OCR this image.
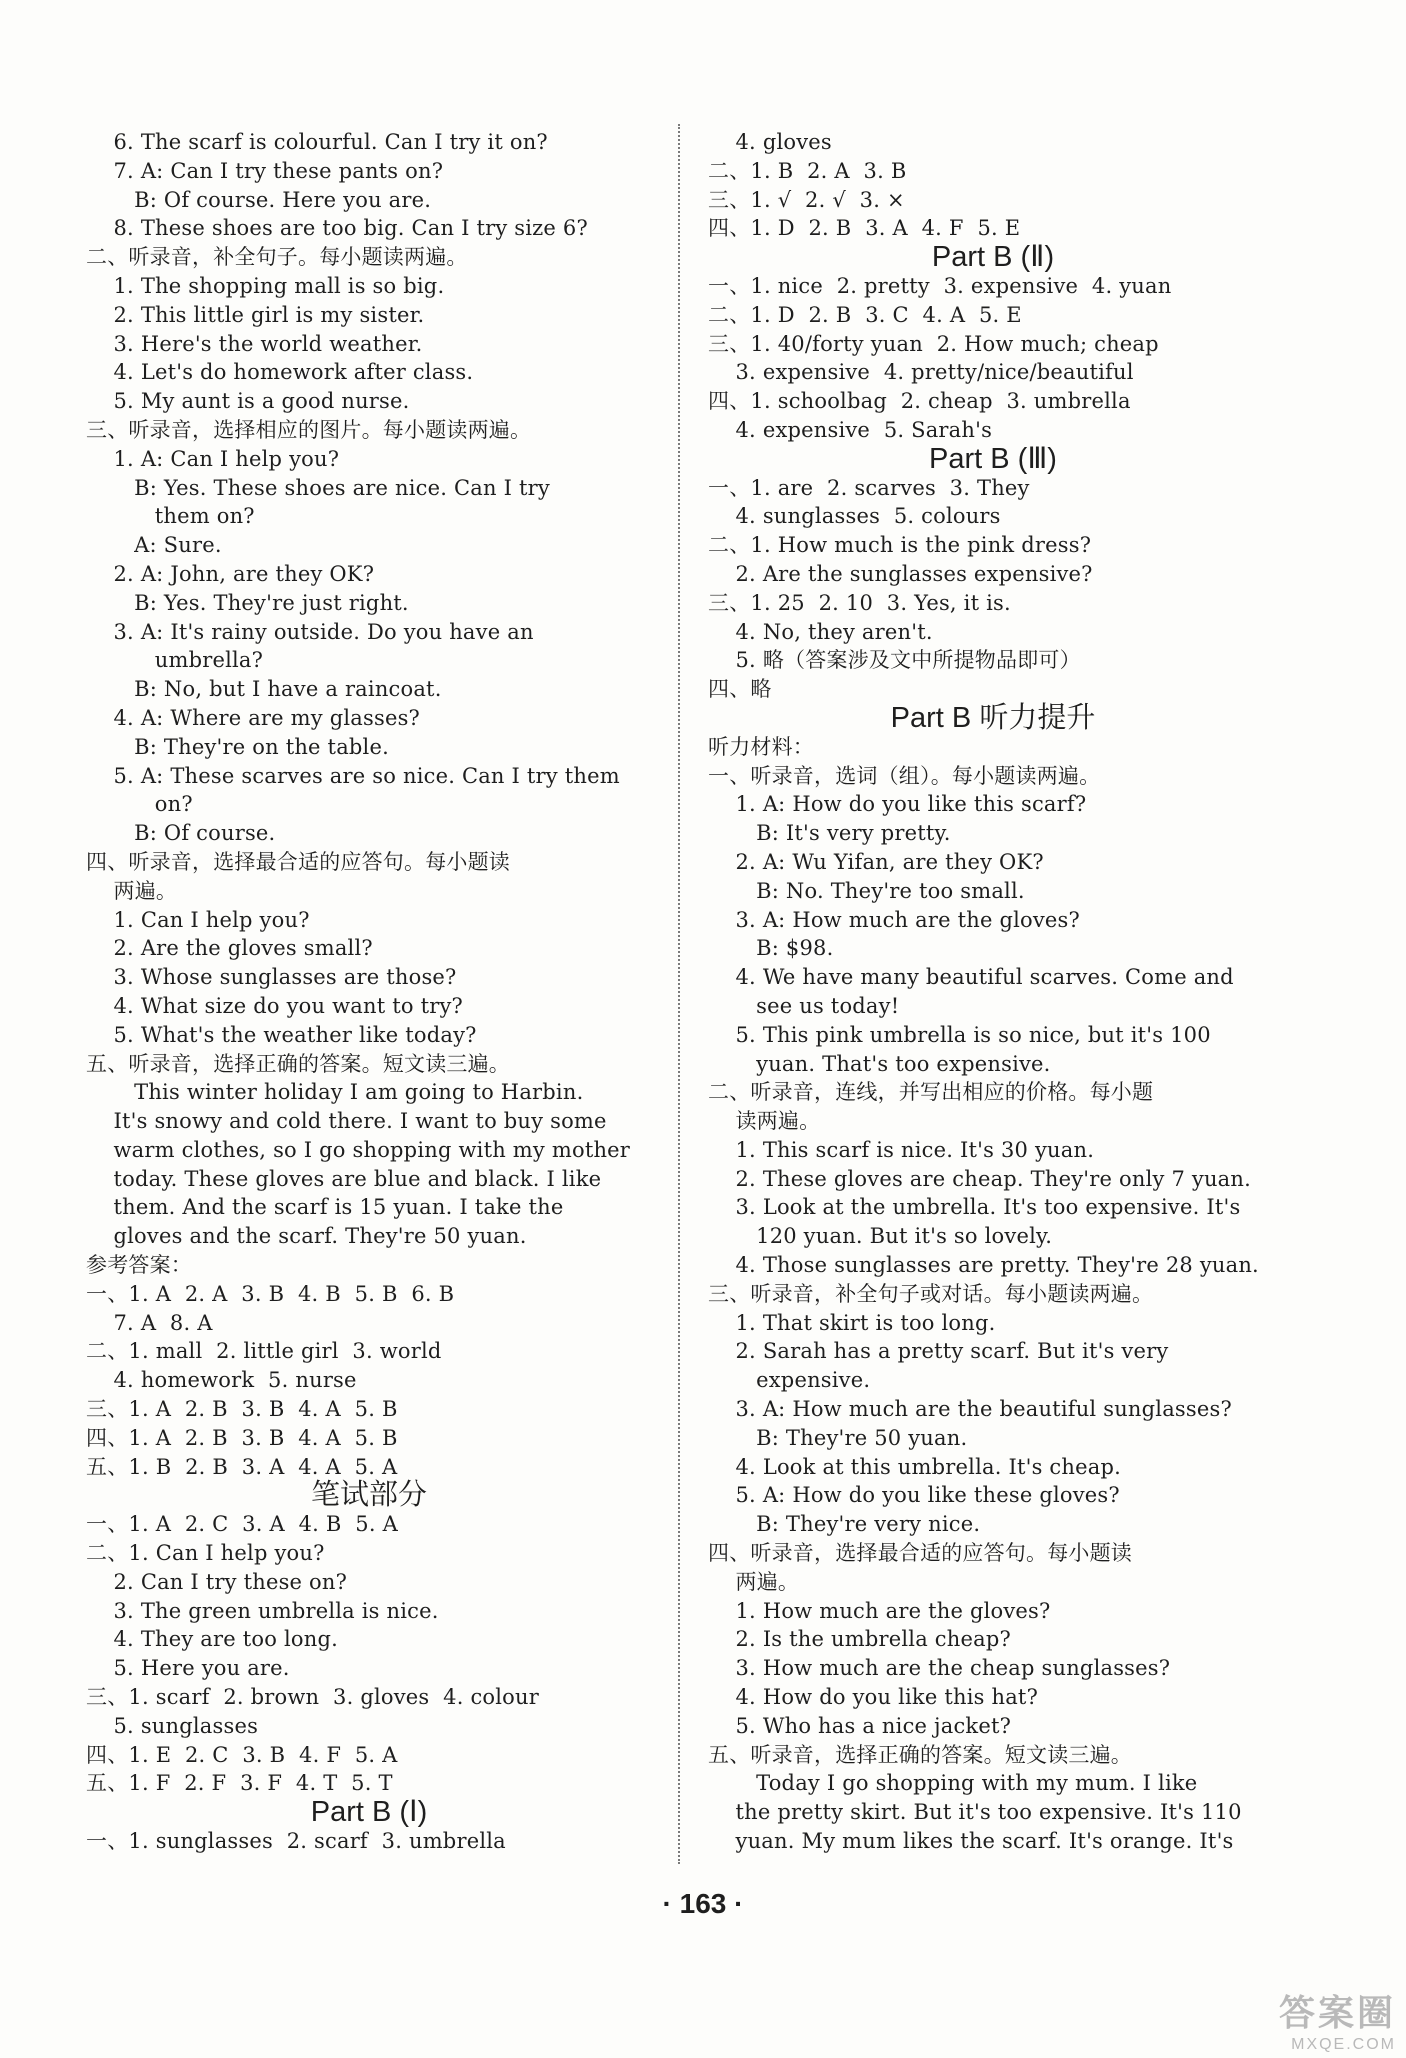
6. The scarf is colourful. Can I try it on?
7. A: Can I try these pants on?
B: Of course. Here you are.
8. These shoes are too big. Can I try size 6?
二、听录音，补全句子。每小题读两遍。
1. The shopping mall is so big.
2. This little girl is my sister.
3. Here's the world weather.
4. Let's do homework after class.
5. My aunt is a good nurse.
三、听录音，选择相应的图片。每小题读两遍。
1. A: Can I help you?
B: Yes. These shoes are nice. Can I try
them on?
A: Sure.
2. A: John, are they OK?
B: Yes. They're just right.
3. A: It's rainy outside. Do you have an
umbrella?
B: No, but I have a raincoat.
4. A: Where are my glasses?
B: They're on the table.
5. A: These scarves are so nice. Can I try them
on?
B: Of course.
四、听录音，选择最合适的应答句。每小题读
两遍。
1. Can I help you?
2. Are the gloves small?
3. Whose sunglasses are those?
4. What size do you want to try?
5. What's the weather like today?
五、听录音，选择正确的答案。短文读三遍。
This winter holiday I am going to Harbin.
It's snowy and cold there. I want to buy some
warm clothes, so I go shopping with my mother
today. These gloves are blue and black. I like
them. And the scarf is 15 yuan. I take the
gloves and the scarf. They're 50 yuan.
参考答案：
一、1. A  2. A  3. B  4. B  5. B  6. B
7. A  8. A
二、1. mall  2. little girl  3. world
4. homework  5. nurse
三、1. A  2. B  3. B  4. A  5. B
四、1. A  2. B  3. B  4. A  5. B
五、1. B  2. B  3. A  4. A  5. A
笔试部分
一、1. A  2. C  3. A  4. B  5. A
二、1. Can I help you?
2. Can I try these on?
3. The green umbrella is nice.
4. They are too long.
5. Here you are.
三、1. scarf  2. brown  3. gloves  4. colour
5. sunglasses
四、1. E  2. C  3. B  4. F  5. A
五、1. F  2. F  3. F  4. T  5. T
Part B (Ⅰ)
一、1. sunglasses  2. scarf  3. umbrella
4. gloves
二、1. B  2. A  3. B
三、1. √  2. √  3. ×
四、1. D  2. B  3. A  4. F  5. E
Part B (Ⅱ)
一、1. nice  2. pretty  3. expensive  4. yuan
二、1. D  2. B  3. C  4. A  5. E
三、1. 40/forty yuan  2. How much; cheap
3. expensive  4. pretty/nice/beautiful
四、1. schoolbag  2. cheap  3. umbrella
4. expensive  5. Sarah's
Part B (Ⅲ)
一、1. are  2. scarves  3. They
4. sunglasses  5. colours
二、1. How much is the pink dress?
2. Are the sunglasses expensive?
三、1. 25  2. 10  3. Yes, it is.
4. No, they aren't.
5. 略（答案涉及文中所提物品即可）
四、略
Part B 听力提升
听力材料：
一、听录音，选词（组）。每小题读两遍。
1. A: How do you like this scarf?
B: It's very pretty.
2. A: Wu Yifan, are they OK?
B: No. They're too small.
3. A: How much are the gloves?
B: $98.
4. We have many beautiful scarves. Come and
see us today!
5. This pink umbrella is so nice, but it's 100
yuan. That's too expensive.
二、听录音，连线，并写出相应的价格。每小题
读两遍。
1. This scarf is nice. It's 30 yuan.
2. These gloves are cheap. They're only 7 yuan.
3. Look at the umbrella. It's too expensive. It's
120 yuan. But it's so lovely.
4. Those sunglasses are pretty. They're 28 yuan.
三、听录音，补全句子或对话。每小题读两遍。
1. That skirt is too long.
2. Sarah has a pretty scarf. But it's very
expensive.
3. A: How much are the beautiful sunglasses?
B: They're 50 yuan.
4. Look at this umbrella. It's cheap.
5. A: How do you like these gloves?
B: They're very nice.
四、听录音，选择最合适的应答句。每小题读
两遍。
1. How much are the gloves?
2. Is the umbrella cheap?
3. How much are the cheap sunglasses?
4. How do you like this hat?
5. Who has a nice jacket?
五、听录音，选择正确的答案。短文读三遍。
Today I go shopping with my mum. I like
the pretty skirt. But it's too expensive. It's 110
yuan. My mum likes the scarf. It's orange. It's
· 163 ·
答案圈
MXQE.COM
